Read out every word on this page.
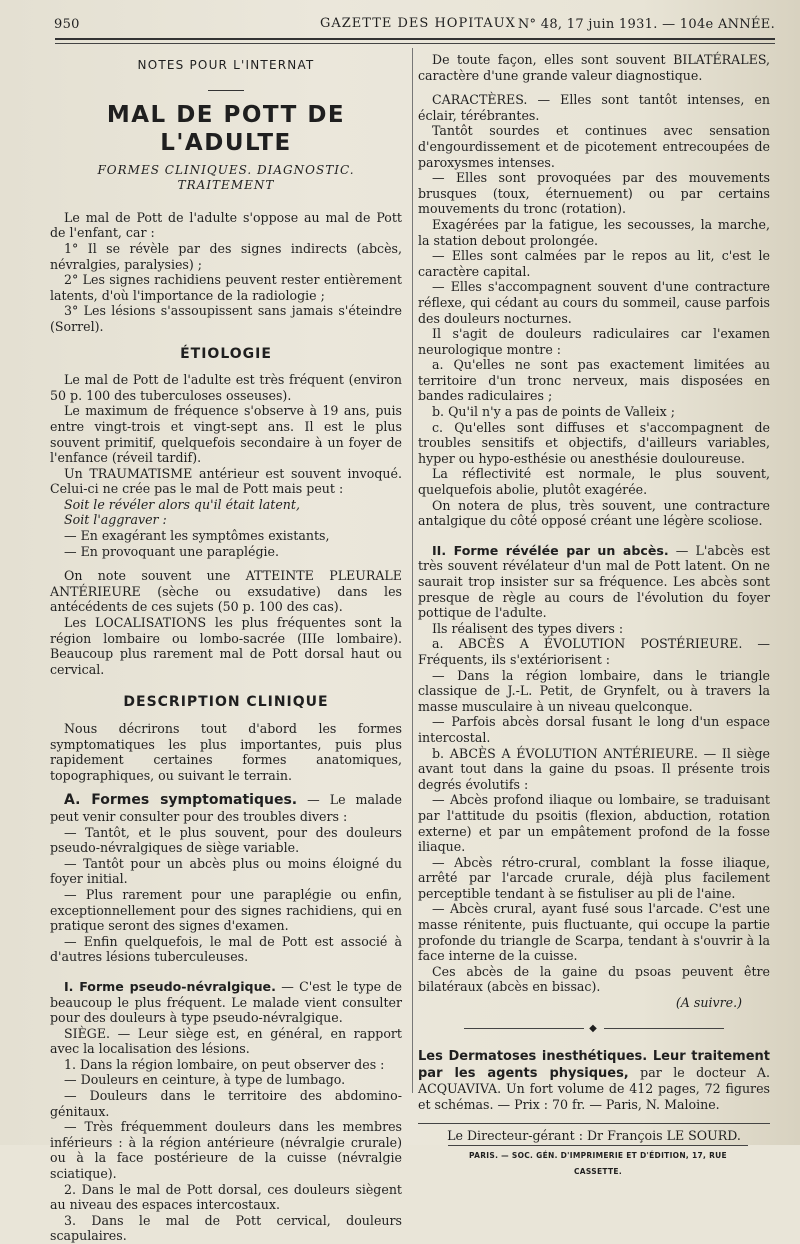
950	GAZETTE DES HOPITAUX N° 48, 17 juin 1931. — 104e ANNÉE.
NOTES POUR L'INTERNAT
MAL DE POTT DE L'ADULTE
FORMES CLINIQUES. DIAGNOSTIC. TRAITEMENT

Le mal de Pott de l'adulte s'oppose au mal de Pott de l'enfant, car :

1° Il se révèle par des signes indirects (abcès, névralgies, paralysies) ;

2° Les signes rachidiens peuvent rester entièrement latents, d'où l'importance de la radiologie ;

3° Les lésions s'assoupissent sans jamais s'éteindre (Sorrel).

ÉTIOLOGIE

Le mal de Pott de l'adulte est très fréquent (environ 50 p. 100 des tuberculoses osseuses).

Le maximum de fréquence s'observe à 19 ans, puis entre vingt-trois et vingt-sept ans. Il est le plus souvent primitif, quelquefois secondaire à un foyer de l'enfance (réveil tardif).

Un TRAUMATISME antérieur est souvent invoqué. Celui-ci ne crée pas le mal de Pott mais peut :

Soit le révéler alors qu'il était latent,

Soit l'aggraver :

— En exagérant les symptômes existants,

— En provoquant une paraplégie.

On note souvent une ATTEINTE PLEURALE ANTÉRIEURE (sèche ou exsudative) dans les antécédents de ces sujets (50 p. 100 des cas).

Les LOCALISATIONS les plus fréquentes sont la région lombaire ou lombo-sacrée (IIIe lombaire). Beaucoup plus rarement mal de Pott dorsal haut ou cervical.

DESCRIPTION CLINIQUE

Nous décrirons tout d'abord les formes symptomatiques les plus importantes, puis plus rapidement certaines formes anatomiques, topographiques, ou suivant le terrain.

A. Formes symptomatiques. — Le malade peut venir consulter pour des troubles divers :

— Tantôt, et le plus souvent, pour des douleurs pseudo-névralgiques de siège variable.

— Tantôt pour un abcès plus ou moins éloigné du foyer initial.

— Plus rarement pour une paraplégie ou enfin, exceptionnellement pour des signes rachidiens, qui en pratique seront des signes d'examen.

— Enfin quelquefois, le mal de Pott est associé à d'autres lésions tuberculeuses.

I. Forme pseudo-névralgique. — C'est le type de beaucoup le plus fréquent. Le malade vient consulter pour des douleurs à type pseudo-névralgique.

SIÈGE. — Leur siège est, en général, en rapport avec la localisation des lésions.

1. Dans la région lombaire, on peut observer des :

— Douleurs en ceinture, à type de lumbago.

— Douleurs dans le territoire des abdomino-génitaux.

— Très fréquemment douleurs dans les membres inférieurs : à la région antérieure (névralgie crurale) ou à la face postérieure de la cuisse (névralgie sciatique).

2. Dans le mal de Pott dorsal, ces douleurs siègent au niveau des espaces intercostaux.

3. Dans le mal de Pott cervical, douleurs scapulaires.

De toute façon, elles sont souvent BILATÉRALES, caractère d'une grande valeur diagnostique.

CARACTÈRES. — Elles sont tantôt intenses, en éclair, térébrantes.

Tantôt sourdes et continues avec sensation d'engourdissement et de picotement entrecoupées de paroxysmes intenses.

— Elles sont provoquées par des mouvements brusques (toux, éternuement) ou par certains mouvements du tronc (rotation).

Exagérées par la fatigue, les secousses, la marche, la station debout prolongée.

— Elles sont calmées par le repos au lit, c'est le caractère capital.

— Elles s'accompagnent souvent d'une contracture réflexe, qui cédant au cours du sommeil, cause parfois des douleurs nocturnes.

Il s'agit de douleurs radiculaires car l'examen neurologique montre :

a. Qu'elles ne sont pas exactement limitées au territoire d'un tronc nerveux, mais disposées en bandes radiculaires ;

b. Qu'il n'y a pas de points de Valleix ;

c. Qu'elles sont diffuses et s'accompagnent de troubles sensitifs et objectifs, d'ailleurs variables, hyper ou hypo-esthésie ou anesthésie douloureuse.

La réflectivité est normale, le plus souvent, quelquefois abolie, plutôt exagérée.

On notera de plus, très souvent, une contracture antalgique du côté opposé créant une légère scoliose.

II. Forme révélée par un abcès. — L'abcès est très souvent révélateur d'un mal de Pott latent. On ne saurait trop insister sur sa fréquence. Les abcès sont presque de règle au cours de l'évolution du foyer pottique de l'adulte.

Ils réalisent des types divers :

a. ABCÈS A ÉVOLUTION POSTÉRIEURE. — Fréquents, ils s'extériorisent :

— Dans la région lombaire, dans le triangle classique de J.-L. Petit, de Grynfelt, ou à travers la masse musculaire à un niveau quelconque.

— Parfois abcès dorsal fusant le long d'un espace intercostal.

b. ABCÈS A ÉVOLUTION ANTÉRIEURE. — Il siège avant tout dans la gaine du psoas. Il présente trois degrés évolutifs :

— Abcès profond iliaque ou lombaire, se traduisant par l'attitude du psoitis (flexion, abduction, rotation externe) et par un empâtement profond de la fosse iliaque.

— Abcès rétro-crural, comblant la fosse iliaque, arrêté par l'arcade crurale, déjà plus facilement perceptible tendant à se fistuliser au pli de l'aine.

— Abcès crural, ayant fusé sous l'arcade. C'est une masse rénitente, puis fluctuante, qui occupe la partie profonde du triangle de Scarpa, tendant à s'ouvrir à la face interne de la cuisse.

Ces abcès de la gaine du psoas peuvent être bilatéraux (abcès en bissac).

(A suivre.)
◆

Les Dermatoses inesthétiques. Leur traitement par les agents physiques, par le docteur A. ACQUAVIVA. Un fort volume de 412 pages, 72 figures et schémas. — Prix : 70 fr. — Paris, N. Maloine.

Le Directeur-gérant : Dr François LE SOURD.
PARIS. — SOC. GÉN. D'IMPRIMERIE ET D'ÉDITION, 17, RUE CASSETTE.
